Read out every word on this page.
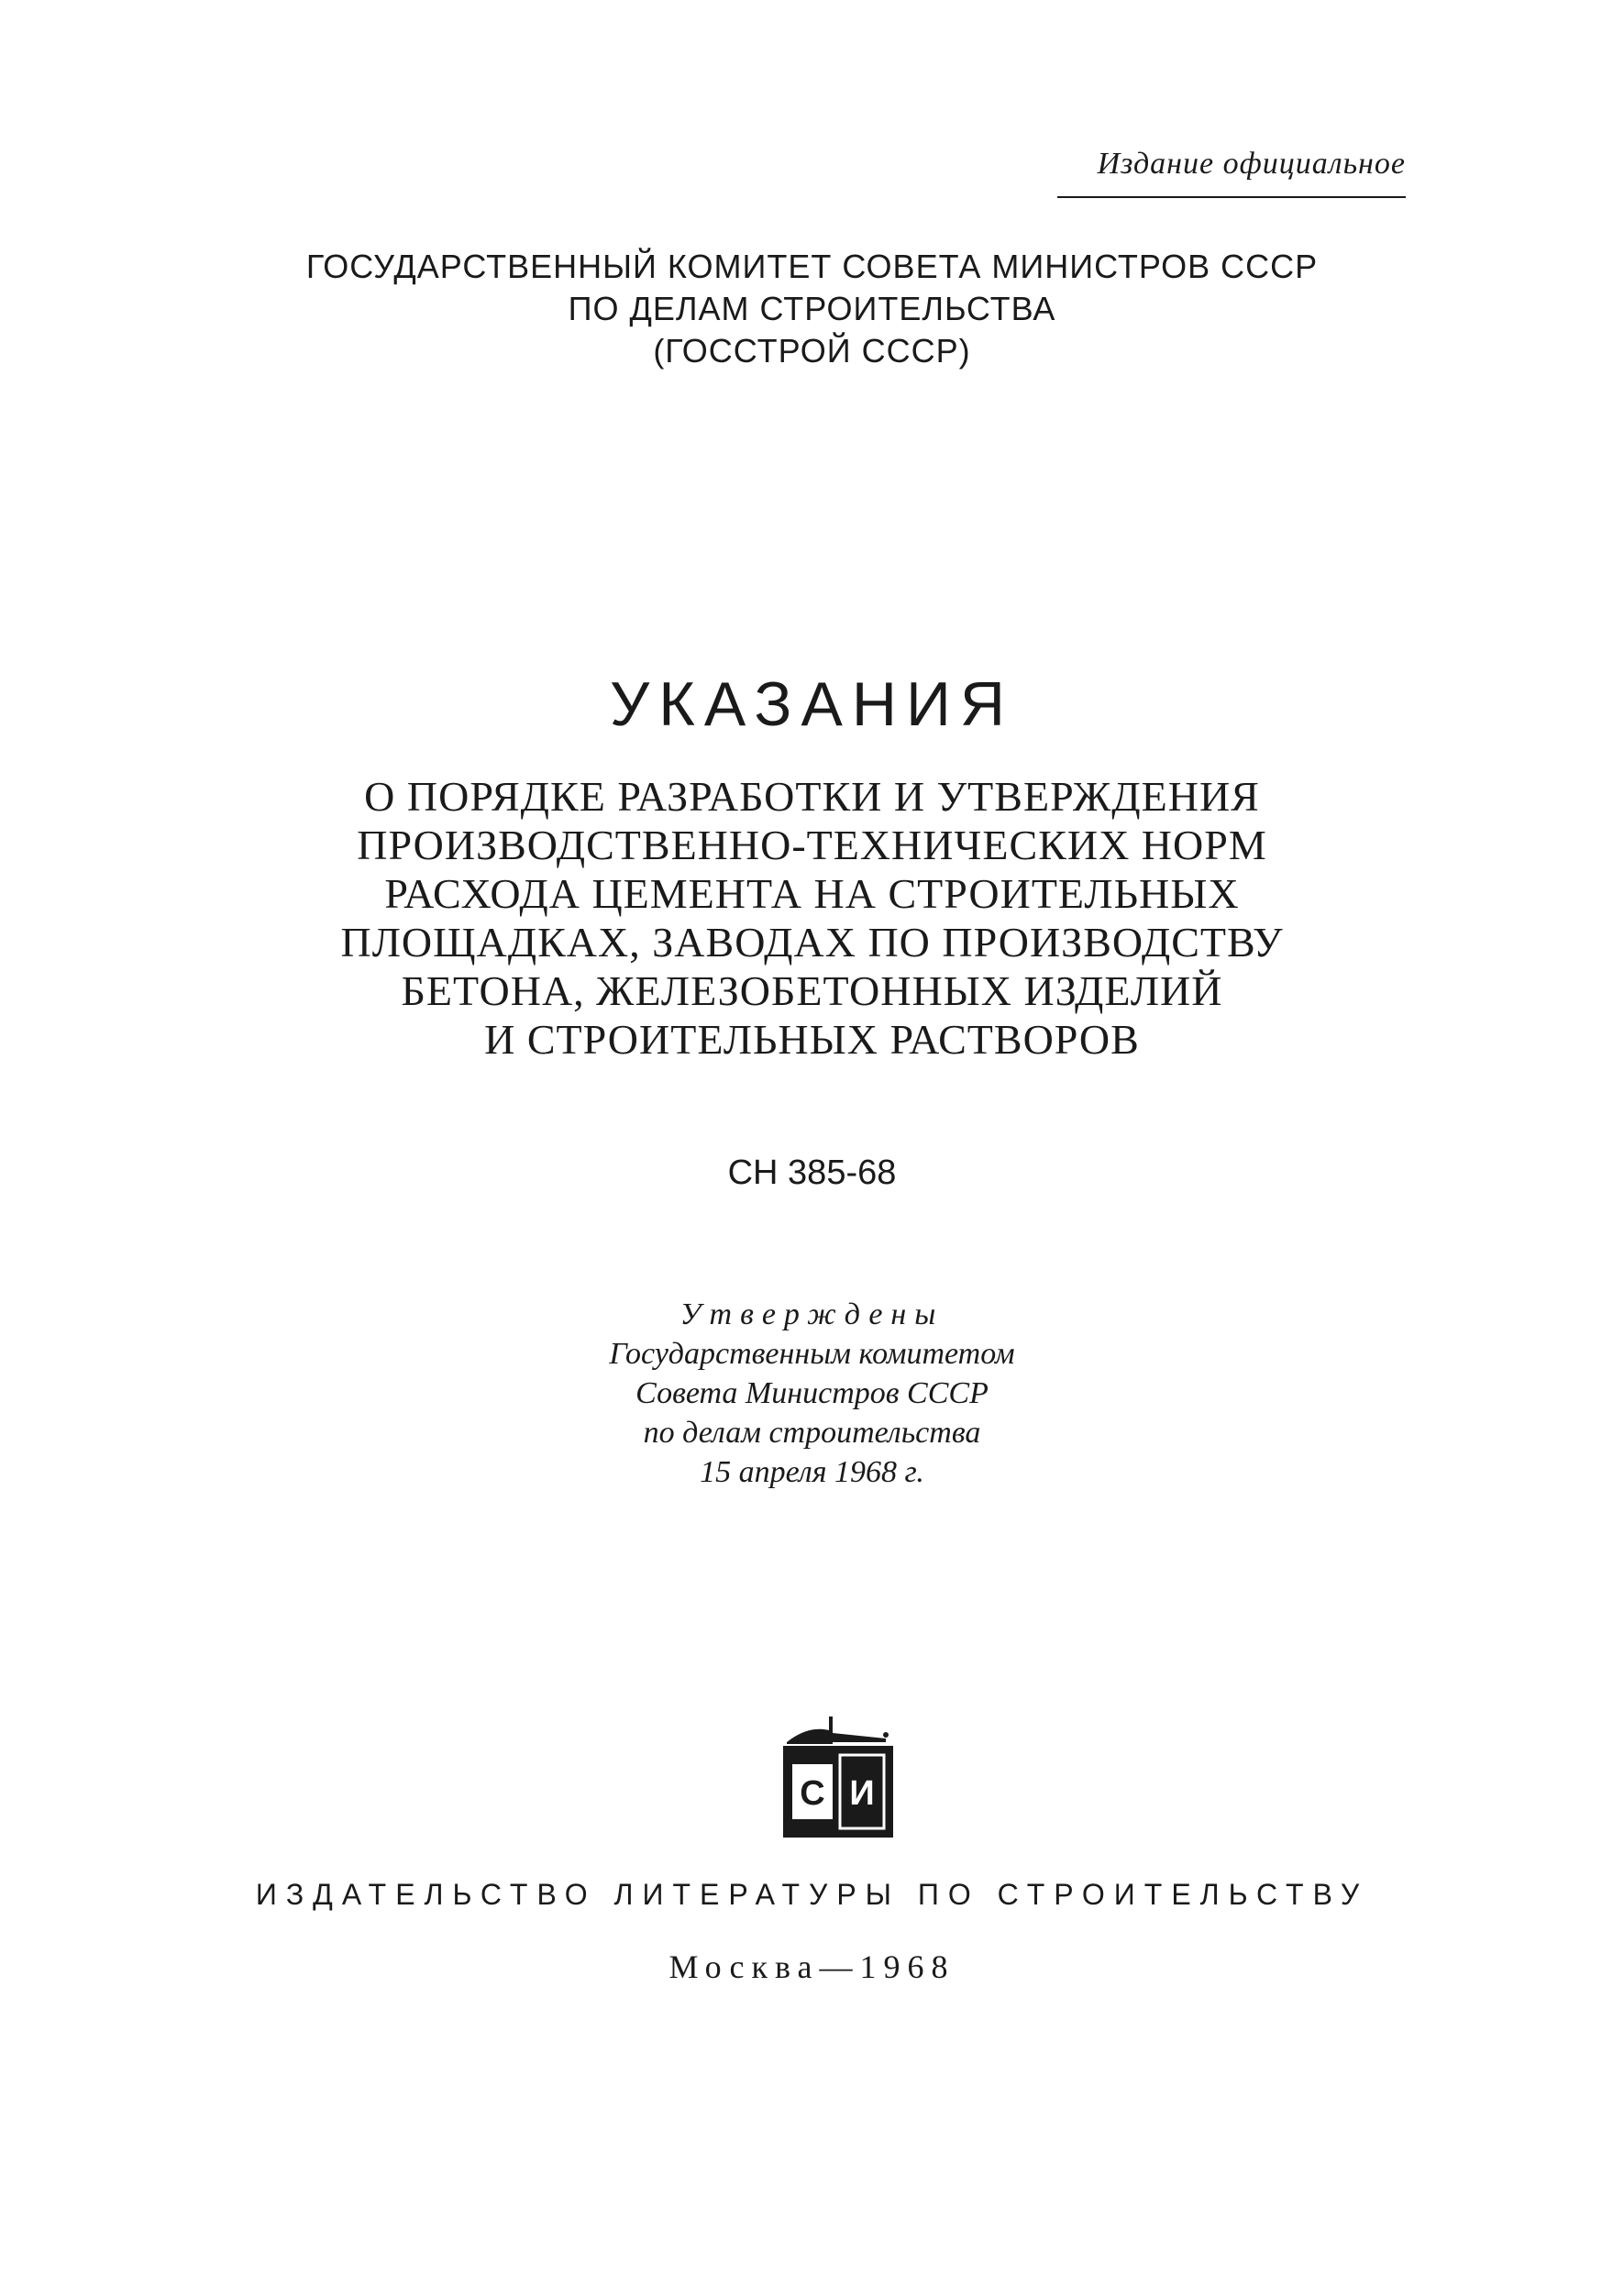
Издание официальное
ГОСУДАРСТВЕННЫЙ КОМИТЕТ СОВЕТА МИНИСТРОВ СССР
ПО ДЕЛАМ СТРОИТЕЛЬСТВА
(ГОССТРОЙ СССР)
УКАЗАНИЯ
О ПОРЯДКЕ РАЗРАБОТКИ И УТВЕРЖДЕНИЯ
ПРОИЗВОДСТВЕННО-ТЕХНИЧЕСКИХ НОРМ
РАСХОДА ЦЕМЕНТА НА СТРОИТЕЛЬНЫХ
ПЛОЩАДКАХ, ЗАВОДАХ ПО ПРОИЗВОДСТВУ
БЕТОНА, ЖЕЛЕЗОБЕТОННЫХ ИЗДЕЛИЙ
И СТРОИТЕЛЬНЫХ РАСТВОРОВ
СН 385-68
Утверждены
Государственным комитетом
Совета Министров СССР
по делам строительства
15 апреля 1968 г.
С И
ИЗДАТЕЛЬСТВО ЛИТЕРАТУРЫ ПО СТРОИТЕЛЬСТВУ
Москва—1968
